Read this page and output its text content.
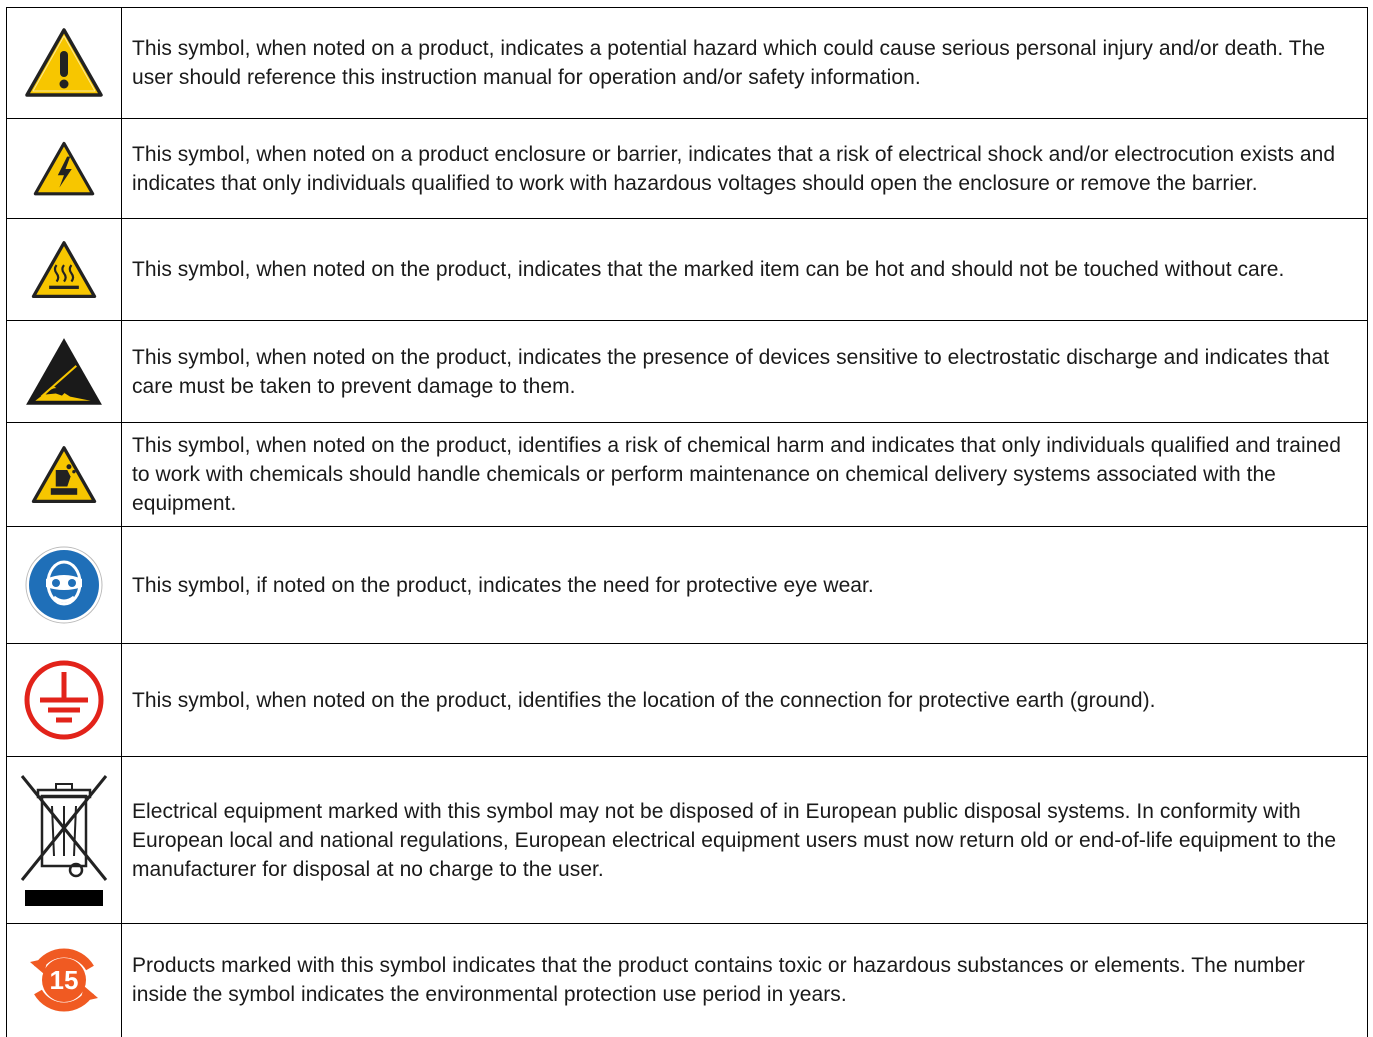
	This symbol, when noted on a product, indicates a potential hazard which could cause serious personal injury and/or death. The user should reference this instruction manual for operation and/or safety information.

	This symbol, when noted on a product enclosure or barrier, indicates that a risk of electrical shock and/or electrocution exists and indicates that only individuals qualified to work with hazardous voltages should open the enclosure or remove the barrier.

	This symbol, when noted on the product, indicates that the marked item can be hot and should not be touched without care.

	This symbol, when noted on the product, indicates the presence of devices sensitive to electrostatic discharge and indicates that care must be taken to prevent damage to them.

	This symbol, when noted on the product, identifies a risk of chemical harm and indicates that only individuals qualified and trained to work with chemicals should handle chemicals or perform maintenance on chemical delivery systems associated with the equipment.

	This symbol, if noted on the product, indicates the need for protective eye wear.

	This symbol, when noted on the product, identifies the location of the connection for protective earth (ground).

	Electrical equipment marked with this symbol may not be disposed of in European public disposal systems. In conformity with European local and national regulations, European electrical equipment users must now return old or end-of-life equipment to the manufacturer for disposal at no charge to the user.

15	Products marked with this symbol indicates that the product contains toxic or hazardous substances or elements. The number inside the symbol indicates the environmental protection use period in years.
